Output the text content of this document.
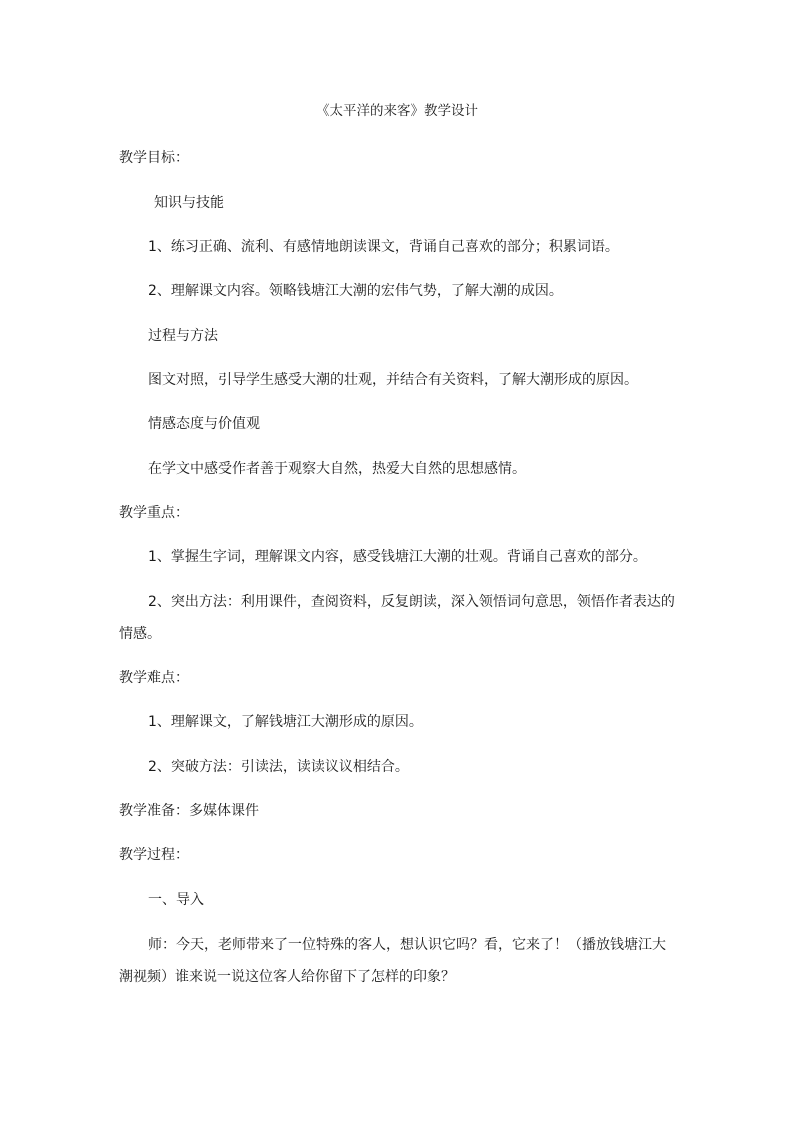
《太平洋的来客》教学设计
教学目标：
知识与技能
1、练习正确、流利、有感情地朗读课文，背诵自己喜欢的部分；积累词语。
2、理解课文内容。领略钱塘江大潮的宏伟气势，了解大潮的成因。
过程与方法
图文对照，引导学生感受大潮的壮观，并结合有关资料，了解大潮形成的原因。
情感态度与价值观
在学文中感受作者善于观察大自然，热爱大自然的思想感情。
教学重点：
1、掌握生字词，理解课文内容，感受钱塘江大潮的壮观。背诵自己喜欢的部分。
2、突出方法：利用课件，查阅资料，反复朗读，深入领悟词句意思，领悟作者表达的情感。
教学难点：
1、理解课文，了解钱塘江大潮形成的原因。
2、突破方法：引读法，读读议议相结合。
教学准备：多媒体课件
教学过程：
一、导入
师：今天，老师带来了一位特殊的客人，想认识它吗？看，它来了！（播放钱塘江大潮视频）谁来说一说这位客人给你留下了怎样的印象？
